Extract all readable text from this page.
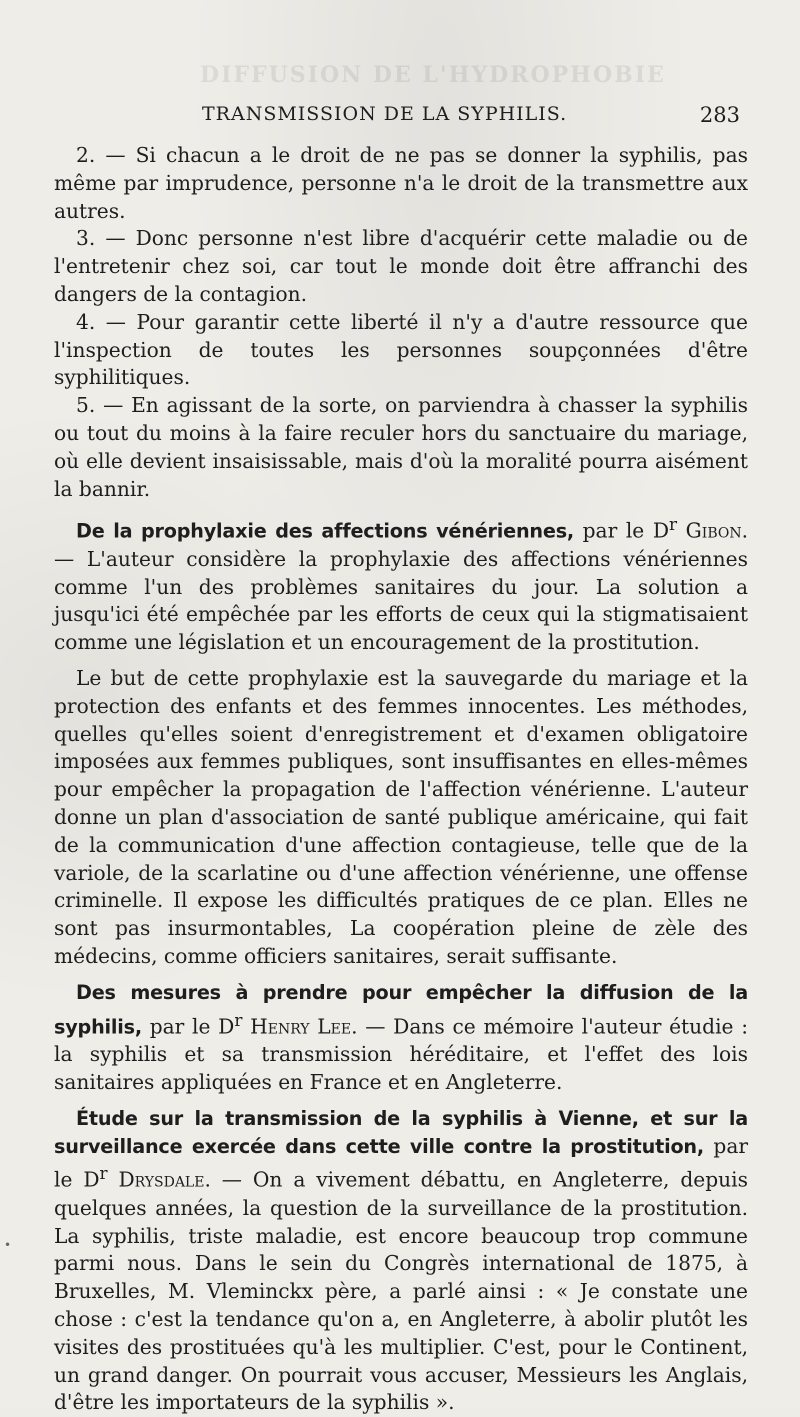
DIFFUSION DE L'HYDROPHOBIE
TRANSMISSION DE LA SYPHILIS.	283

2. — Si chacun a le droit de ne pas se donner la syphilis, pas même par imprudence, personne n'a le droit de la transmettre aux autres.

3. — Donc personne n'est libre d'acquérir cette maladie ou de l'entretenir chez soi, car tout le monde doit être affranchi des dangers de la contagion.

4. — Pour garantir cette liberté il n'y a d'autre ressource que l'inspection de toutes les personnes soupçonnées d'être syphilitiques.

5. — En agissant de la sorte, on parviendra à chasser la syphilis ou tout du moins à la faire reculer hors du sanctuaire du mariage, où elle devient insaisissable, mais d'où la moralité pourra aisément la bannir.

De la prophylaxie des affections vénériennes, par le $D^r$ Gibon. — L'auteur considère la prophylaxie des affections vénériennes comme l'un des problèmes sanitaires du jour. La solution a jusqu'ici été empêchée par les efforts de ceux qui la stigmatisaient comme une législation et un encouragement de la prostitution.

Le but de cette prophylaxie est la sauvegarde du mariage et la protection des enfants et des femmes innocentes. Les méthodes, quelles qu'elles soient d'enregistrement et d'examen obligatoire imposées aux femmes publiques, sont insuffisantes en elles-mêmes pour empêcher la propagation de l'affection vénérienne. L'auteur donne un plan d'association de santé publique américaine, qui fait de la communication d'une affection contagieuse, telle que de la variole, de la scarlatine ou d'une affection vénérienne, une offense criminelle. Il expose les difficultés pratiques de ce plan. Elles ne sont pas insurmontables, La coopération pleine de zèle des médecins, comme officiers sanitaires, serait suffisante.

Des mesures à prendre pour empêcher la diffusion de la syphilis, par le $D^r$ Henry Lee. — Dans ce mémoire l'auteur étudie : la syphilis et sa transmission héréditaire, et l'effet des lois sanitaires appliquées en France et en Angleterre.

Étude sur la transmission de la syphilis à Vienne, et sur la surveillance exercée dans cette ville contre la prostitution, par le $D^r$ Drysdale. — On a vivement débattu, en Angleterre, depuis quelques années, la question de la surveillance de la prostitution. La syphilis, triste maladie, est encore beaucoup trop commune parmi nous. Dans le sein du Congrès international de 1875, à Bruxelles, M. Vleminckx père, a parlé ainsi : « Je constate une chose : c'est la tendance qu'on a, en Angleterre, à abolir plutôt les visites des prostituées qu'à les multiplier. C'est, pour le Continent, un grand danger. On pourrait vous accuser, Messieurs les Anglais, d'être les importateurs de la syphilis ».

•
